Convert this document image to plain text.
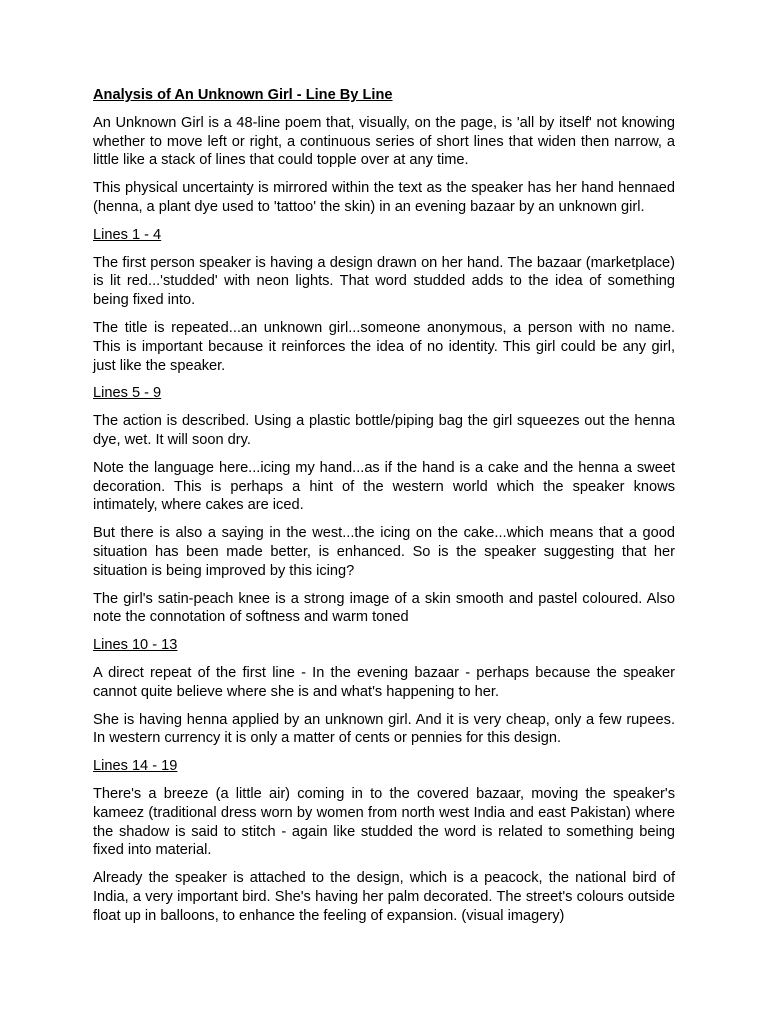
Analysis of An Unknown Girl - Line By Line

An Unknown Girl is a 48-line poem that, visually, on the page, is 'all by itself' not knowing whether to move left or right, a continuous series of short lines that widen then narrow, a little like a stack of lines that could topple over at any time.

This physical uncertainty is mirrored within the text as the speaker has her hand hennaed (henna, a plant dye used to 'tattoo' the skin) in an evening bazaar by an unknown girl.

Lines 1 - 4

The first person speaker is having a design drawn on her hand. The bazaar (marketplace) is lit red...'studded' with neon lights. That word studded adds to the idea of something being fixed into.

The title is repeated...an unknown girl...someone anonymous, a person with no name. This is important because it reinforces the idea of no identity. This girl could be any girl, just like the speaker.

Lines 5 - 9

The action is described. Using a plastic bottle/piping bag the girl squeezes out the henna dye, wet. It will soon dry.

Note the language here...icing my hand...as if the hand is a cake and the henna a sweet decoration. This is perhaps a hint of the western world which the speaker knows intimately, where cakes are iced.

But there is also a saying in the west...the icing on the cake...which means that a good situation has been made better, is enhanced. So is the speaker suggesting that her situation is being improved by this icing?

The girl's satin-peach knee is a strong image of a skin smooth and pastel coloured. Also note the connotation of softness and warm toned

Lines 10 - 13

A direct repeat of the first line - In the evening bazaar - perhaps because the speaker cannot quite believe where she is and what's happening to her.

She is having henna applied by an unknown girl. And it is very cheap, only a few rupees. In western currency it is only a matter of cents or pennies for this design.

Lines 14 - 19

There's a breeze (a little air) coming in to the covered bazaar, moving the speaker's kameez (traditional dress worn by women from north west India and east Pakistan) where the shadow is said to stitch - again like studded the word is related to something being fixed into material.

Already the speaker is attached to the design, which is a peacock, the national bird of India, a very important bird. She's having her palm decorated. The street's colours outside float up in balloons, to enhance the feeling of expansion. (visual imagery)
